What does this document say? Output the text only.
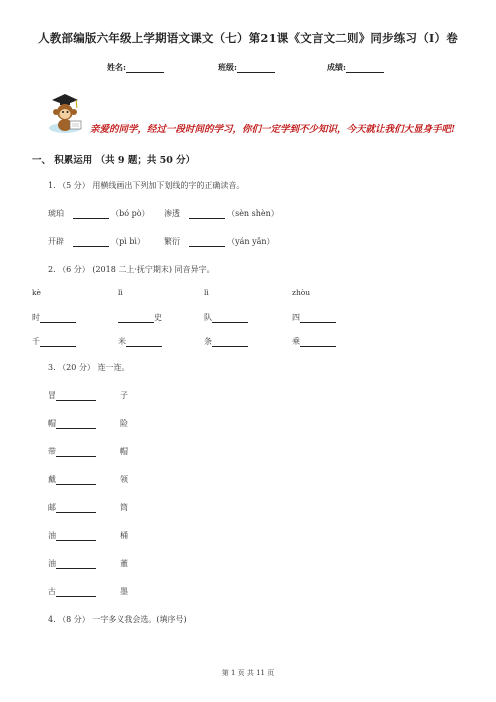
人教部编版六年级上学期语文课文（七）第21课《文言文二则》同步练习（I）卷
姓名:	班级:	成绩:
亲爱的同学，经过一段时间的学习，你们一定学到不少知识，今天就让我们大显身手吧!
一、 积累运用 （共 9 题；共 50 分）
1. （5 分） 用横线画出下列加下划线的字的正确读音。
琥珀	（bó pò） 渗透	（sèn shèn）
开辟	（pì bì） 繁衍	（yán yǎn）
2. （6 分） (2018 二上·抚宁期末) 同音异字。
kè	lì	lì	zhòu
时	史	队	四
千	米	条	乘
3. （20 分） 连一连。
冒	子
帽	险
带	帽
戴	领
邮	筒
油	桶
油	董
古	墨
4. （8 分） 一字多义我会选。(填序号)
第 1 页 共 11 页
